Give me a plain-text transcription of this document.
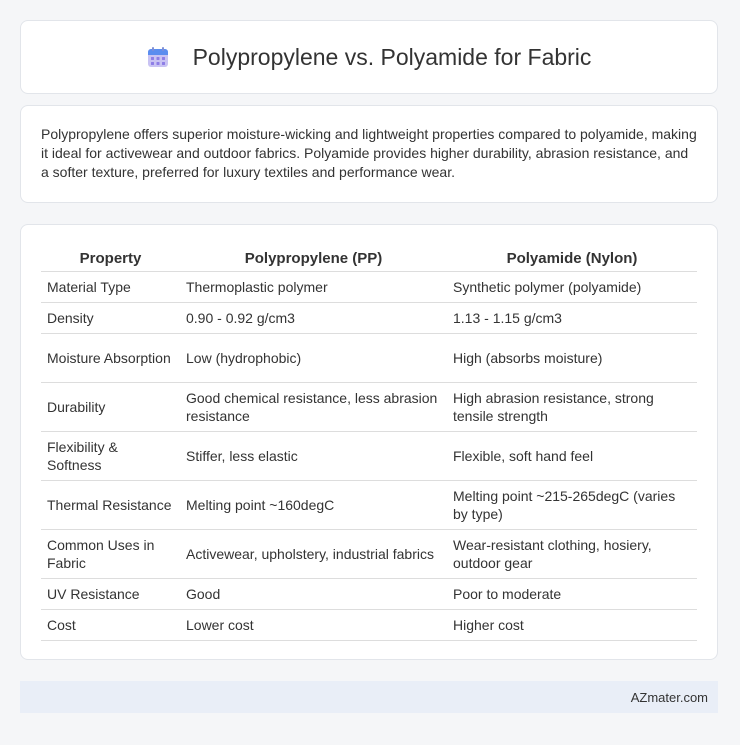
Polypropylene vs. Polyamide for Fabric

Polypropylene offers superior moisture-wicking and lightweight properties compared to polyamide, making it ideal for activewear and outdoor fabrics. Polyamide provides higher durability, abrasion resistance, and a softer texture, preferred for luxury textiles and performance wear.

Property	Polypropylene (PP)	Polyamide (Nylon)
Material Type	Thermoplastic polymer	Synthetic polymer (polyamide)
Density	0.90 - 0.92 g/cm3	1.13 - 1.15 g/cm3
Moisture Absorption	Low (hydrophobic)	High (absorbs moisture)
Durability	Good chemical resistance, less abrasion resistance	High abrasion resistance, strong tensile strength
Flexibility & Softness	Stiffer, less elastic	Flexible, soft hand feel
Thermal Resistance	Melting point ~160degC	Melting point ~215-265degC (varies by type)
Common Uses in Fabric	Activewear, upholstery, industrial fabrics	Wear-resistant clothing, hosiery, outdoor gear
UV Resistance	Good	Poor to moderate
Cost	Lower cost	Higher cost
AZmater.com
